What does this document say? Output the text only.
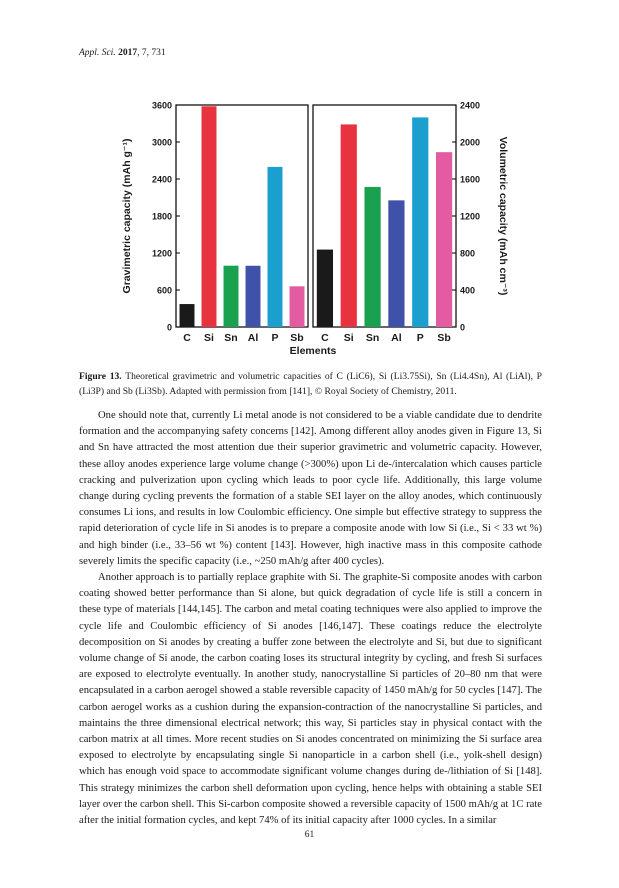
Appl. Sci. 2017, 7, 731
C Si Sn Al P Sb
0
600
1200
1800
2400
3000
3600
Gravimetric capacity (mAh g⁻¹)
C Si Sn Al P Sb
0
400
800
1200
1600
2000
2400
Volumetric capacity (mAh cm⁻³)
Elements
Figure 13. Theoretical gravimetric and volumetric capacities of C (LiC6), Si (Li3.75Si), Sn (Li4.4Sn), Al (LiAl), P (Li3P) and Sb (Li3Sb). Adapted with permission from [141], © Royal Society of Chemistry, 2011.

One should note that, currently Li metal anode is not considered to be a viable candidate due to dendrite formation and the accompanying safety concerns [142]. Among different alloy anodes given in Figure 13, Si and Sn have attracted the most attention due their superior gravimetric and volumetric capacity. However, these alloy anodes experience large volume change (>300%) upon Li de-/intercalation which causes particle cracking and pulverization upon cycling which leads to poor cycle life. Additionally, this large volume change during cycling prevents the formation of a stable SEI layer on the alloy anodes, which continuously consumes Li ions, and results in low Coulombic efficiency. One simple but effective strategy to suppress the rapid deterioration of cycle life in Si anodes is to prepare a composite anode with low Si (i.e., Si < 33 wt %) and high binder (i.e., 33–56 wt %) content [143]. However, high inactive mass in this composite cathode severely limits the specific capacity (i.e., ~250 mAh/g after 400 cycles).

Another approach is to partially replace graphite with Si. The graphite-Si composite anodes with carbon coating showed better performance than Si alone, but quick degradation of cycle life is still a concern in these type of materials [144,145]. The carbon and metal coating techniques were also applied to improve the cycle life and Coulombic efficiency of Si anodes [146,147]. These coatings reduce the electrolyte decomposition on Si anodes by creating a buffer zone between the electrolyte and Si, but due to significant volume change of Si anode, the carbon coating loses its structural integrity by cycling, and fresh Si surfaces are exposed to electrolyte eventually. In another study, nanocrystalline Si particles of 20–80 nm that were encapsulated in a carbon aerogel showed a stable reversible capacity of 1450 mAh/g for 50 cycles [147]. The carbon aerogel works as a cushion during the expansion-contraction of the nanocrystalline Si particles, and maintains the three dimensional electrical network; this way, Si particles stay in physical contact with the carbon matrix at all times. More recent studies on Si anodes concentrated on minimizing the Si surface area exposed to electrolyte by encapsulating single Si nanoparticle in a carbon shell (i.e., yolk-shell design) which has enough void space to accommodate significant volume changes during de-/lithiation of Si [148]. This strategy minimizes the carbon shell deformation upon cycling, hence helps with obtaining a stable SEI layer over the carbon shell. This Si-carbon composite showed a reversible capacity of 1500 mAh/g at 1C rate after the initial formation cycles, and kept 74% of its initial capacity after 1000 cycles. In a similar

61
